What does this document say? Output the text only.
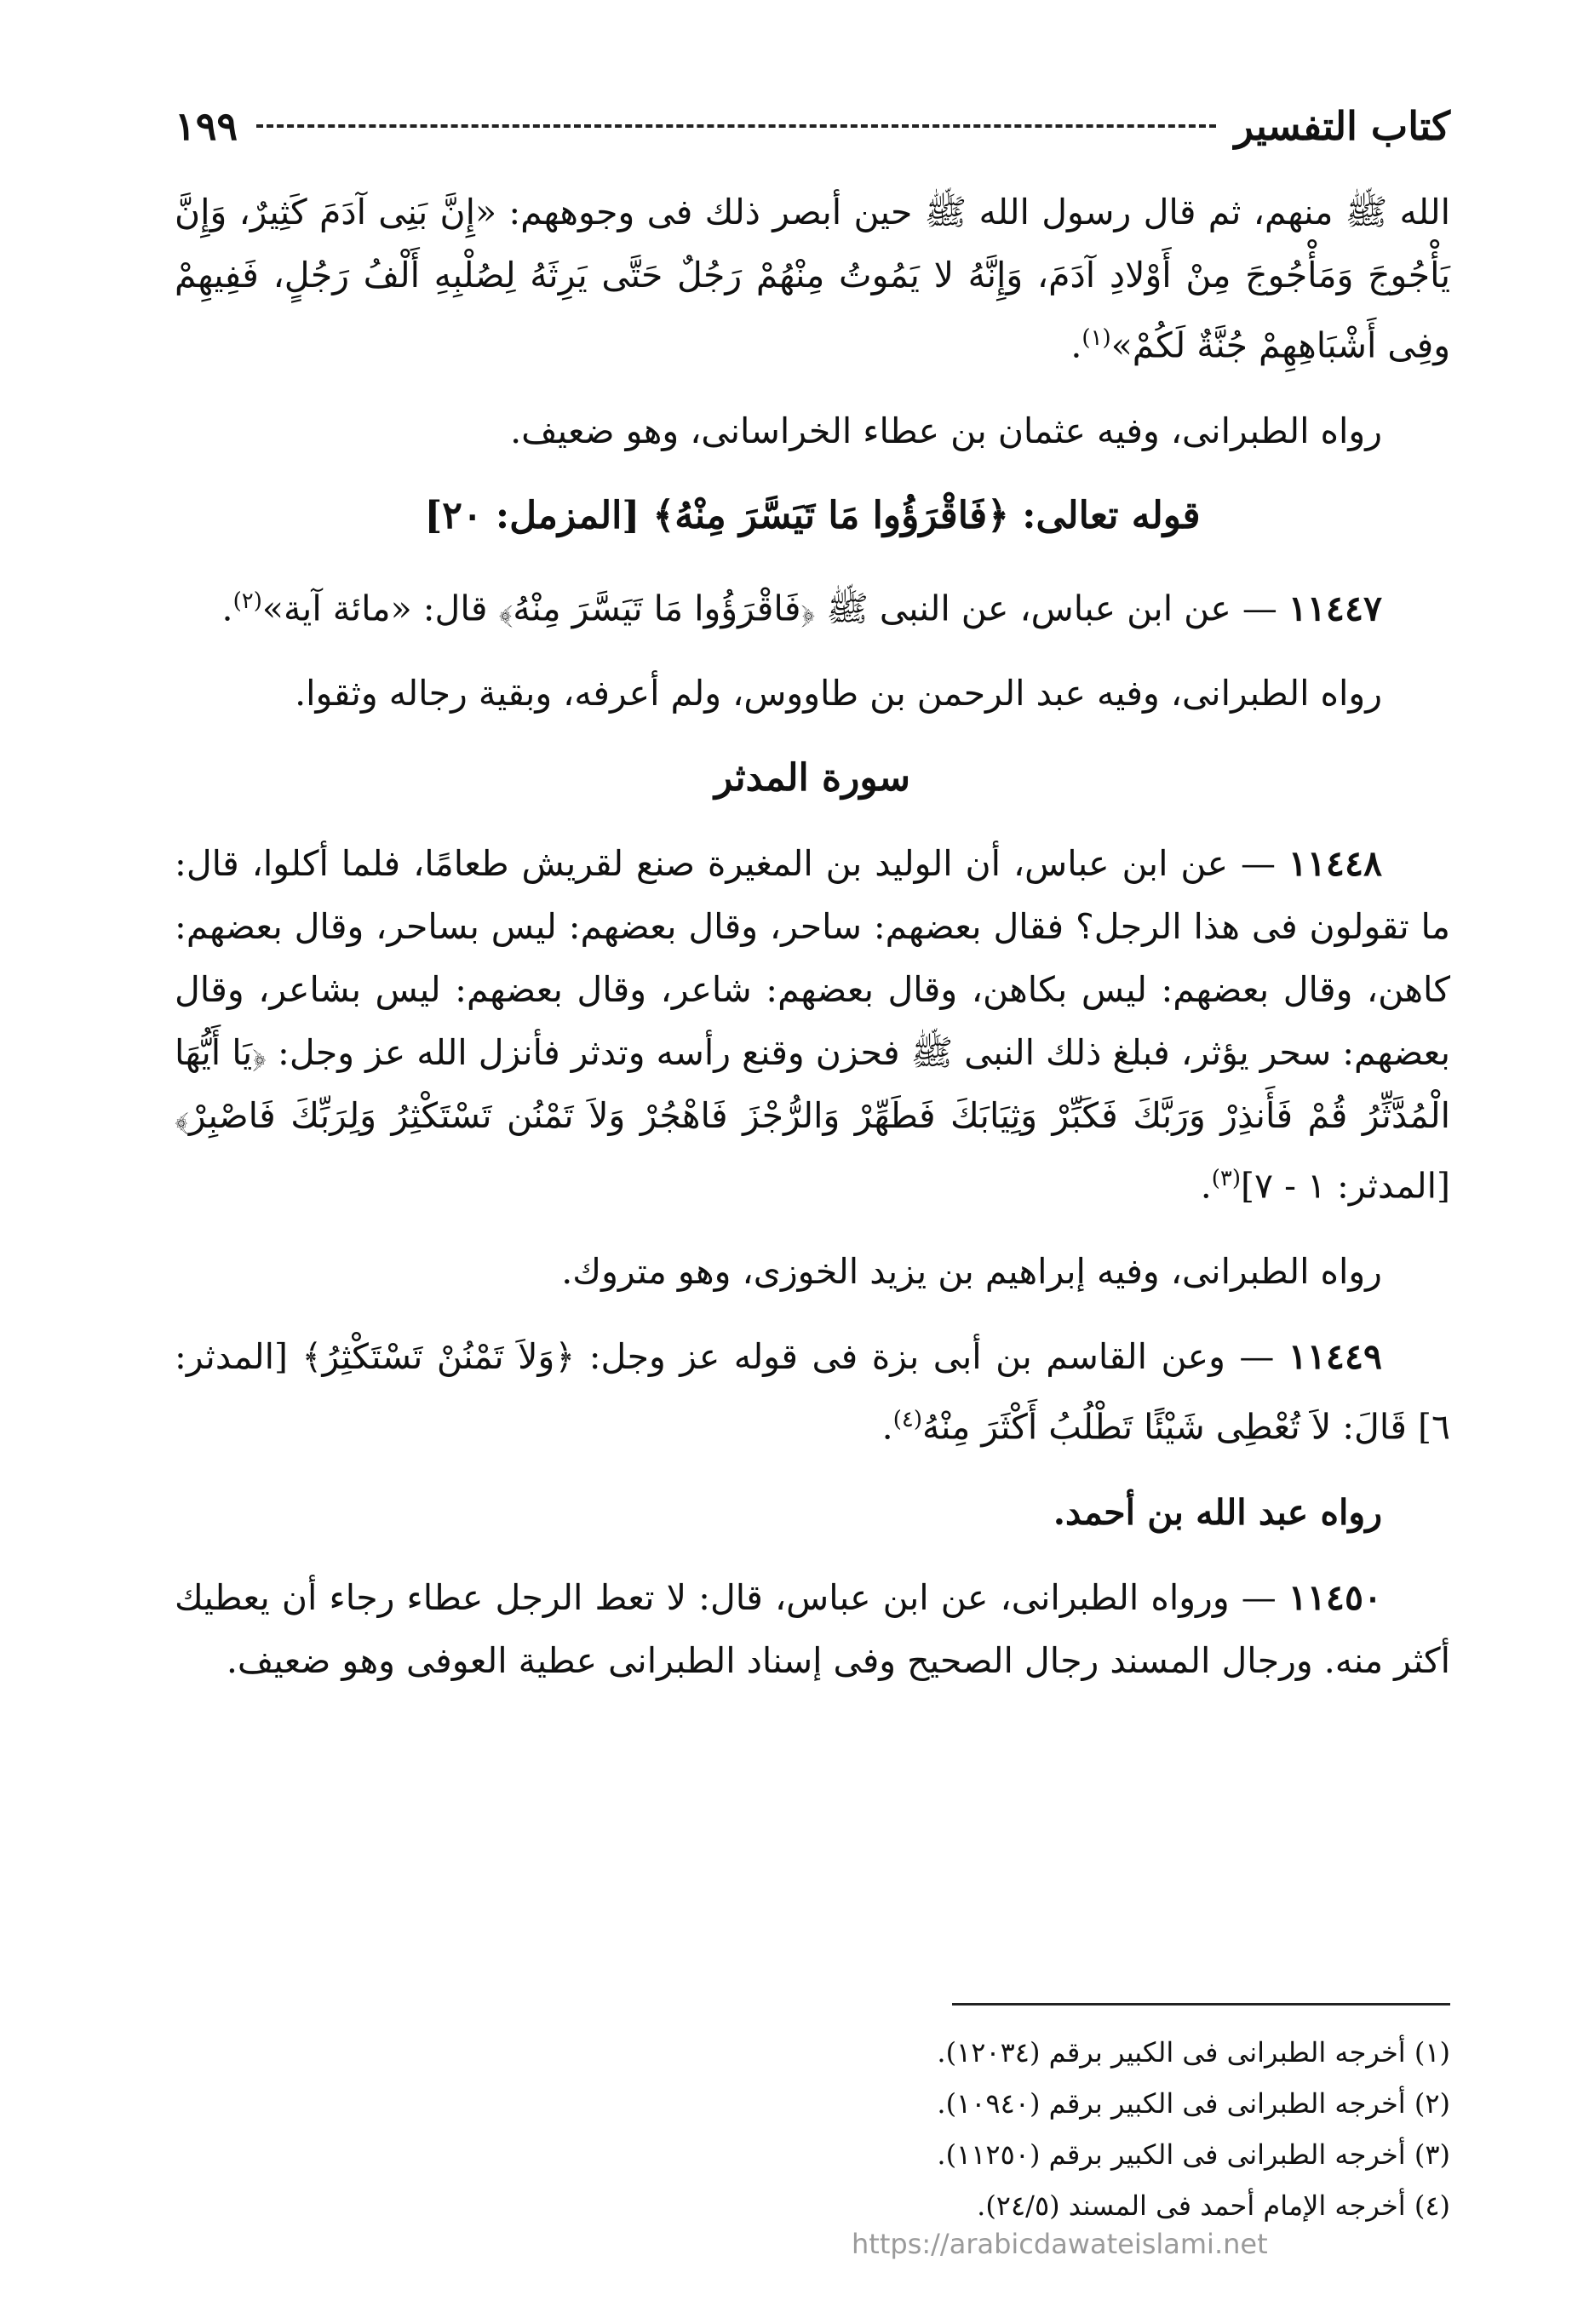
كتاب التفسير
١٩٩

الله ﷺ منهم، ثم قال رسول الله ﷺ حين أبصر ذلك فى وجوههم: «إِنَّ بَنِى آدَمَ كَثِيرٌ، وَإِنَّ يَأْجُوجَ وَمَأْجُوجَ مِنْ أَوْلادِ آدَمَ، وَإِنَّهُ لا يَمُوتُ مِنْهُمْ رَجُلٌ حَتَّى يَرِثَهُ لِصُلْبِهِ أَلْفُ رَجُلٍ، فَفِيهِمْ وفِى أَشْبَاهِهِمْ جُنَّةٌ لَكُمْ»$^{(١)}$.

رواه الطبرانى، وفيه عثمان بن عطاء الخراسانى، وهو ضعيف.

قوله تعالى: ﴿فَاقْرَؤُوا مَا تَيَسَّرَ مِنْهُ﴾ [المزمل: ٢٠]

١١٤٤٧ — عن ابن عباس، عن النبى ﷺ ﴿فَاقْرَؤُوا مَا تَيَسَّرَ مِنْهُ﴾ قال: «مائة آية»$^{(٢)}$.

رواه الطبرانى، وفيه عبد الرحمن بن طاووس، ولم أعرفه، وبقية رجاله وثقوا.

سورة المدثر

١١٤٤٨ — عن ابن عباس، أن الوليد بن المغيرة صنع لقريش طعامًا، فلما أكلوا، قال: ما تقولون فى هذا الرجل؟ فقال بعضهم: ساحر، وقال بعضهم: ليس بساحر، وقال بعضهم: كاهن، وقال بعضهم: ليس بكاهن، وقال بعضهم: شاعر، وقال بعضهم: ليس بشاعر، وقال بعضهم: سحر يؤثر، فبلغ ذلك النبى ﷺ فحزن وقنع رأسه وتدثر فأنزل الله عز وجل: ﴿يَا أَيُّهَا الْمُدَّثِّرُ قُمْ فَأَنذِرْ وَرَبَّكَ فَكَبِّرْ وَثِيَابَكَ فَطَهِّرْ وَالرُّجْزَ فَاهْجُرْ وَلاَ تَمْنُن تَسْتَكْثِرُ وَلِرَبِّكَ فَاصْبِرْ﴾ [المدثر: ١ - ٧]$^{(٣)}$.

رواه الطبرانى، وفيه إبراهيم بن يزيد الخوزى، وهو متروك.

١١٤٤٩ — وعن القاسم بن أبى بزة فى قوله عز وجل: ﴿وَلاَ تَمْنُنْ تَسْتَكْثِرُ﴾ [المدثر: ٦] قَالَ: لاَ تُعْطِى شَيْئًا تَطْلُبُ أَكْثَرَ مِنْهُ$^{(٤)}$.

رواه عبد الله بن أحمد.

١١٤٥٠ — ورواه الطبرانى، عن ابن عباس، قال: لا تعط الرجل عطاء رجاء أن يعطيك أكثر منه. ورجال المسند رجال الصحيح وفى إسناد الطبرانى عطية العوفى وهو ضعيف.

(١) أخرجه الطبرانى فى الكبير برقم (١٢٠٣٤).
(٢) أخرجه الطبرانى فى الكبير برقم (١٠٩٤٠).
(٣) أخرجه الطبرانى فى الكبير برقم (١١٢٥٠).
(٤) أخرجه الإمام أحمد فى المسند (٢٤/٥).
https://arabicdawateislami.net
